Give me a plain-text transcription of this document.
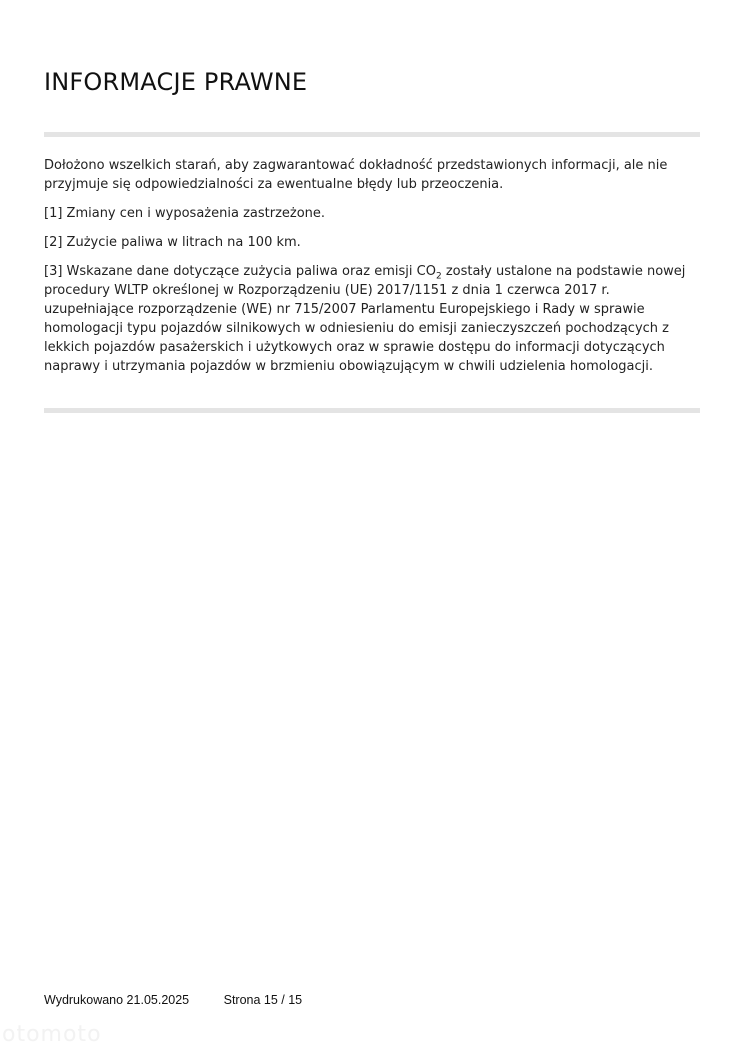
INFORMACJE PRAWNE

Dołożono wszelkich starań, aby zagwarantować dokładność przedstawionych informacji, ale nie przyjmuje się odpowiedzialności za ewentualne błędy lub przeoczenia.

[1] Zmiany cen i wyposażenia zastrzeżone.

[2] Zużycie paliwa w litrach na 100 km.

[3] Wskazane dane dotyczące zużycia paliwa oraz emisji $CO_2$ zostały ustalone na podstawie nowej procedury WLTP określonej w Rozporządzeniu (UE) 2017/1151 z dnia 1 czerwca 2017 r. uzupełniające rozporządzenie (WE) nr 715/2007 Parlamentu Europejskiego i Rady w sprawie homologacji typu pojazdów silnikowych w odniesieniu do emisji zanieczyszczeń pochodzących z lekkich pojazdów pasażerskich i użytkowych oraz w sprawie dostępu do informacji dotyczących naprawy i utrzymania pojazdów w brzmieniu obowiązującym w chwili udzielenia homologacji.

Wydrukowano 21.05.2025	Strona 15 / 15
otomoto
